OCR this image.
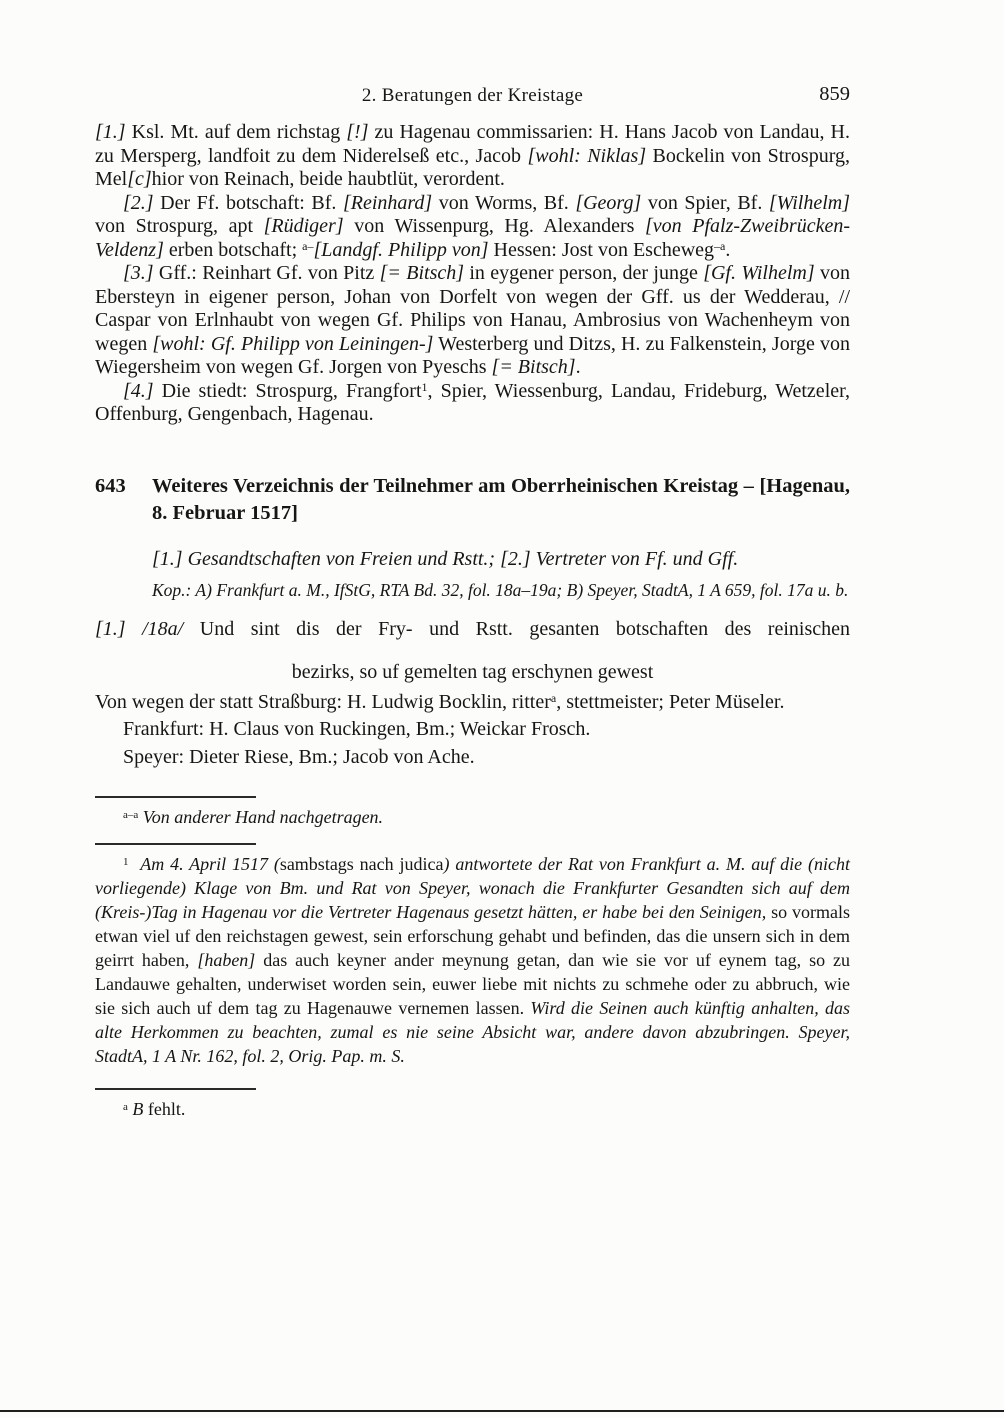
2. Beratungen der Kreistage	859

[1.] Ksl. Mt. auf dem richstag [!] zu Hagenau commissarien: H. Hans Jacob von Landau, H. zu Mersperg, landfoit zu dem Niderelseß etc., Jacob [wohl: Niklas] Bockelin von Strospurg, Mel[c]hior von Reinach, beide haubtlüt, verordent.

[2.] Der Ff. botschaft: Bf. [Reinhard] von Worms, Bf. [Georg] von Spier, Bf. [Wilhelm] von Strospurg, apt [Rüdiger] von Wissenpurg, Hg. Alexanders [von Pfalz-Zweibrücken-Veldenz] erben botschaft; $^{a-}$[Landgf. Philipp von] Hessen: Jost von Escheweg$^{-a}$.

[3.] Gff.: Reinhart Gf. von Pitz [= Bitsch] in eygener person, der junge [Gf. Wilhelm] von Ebersteyn in eigener person, Johan von Dorfelt von wegen der Gff. us der Wedderau, // Caspar von Erlnhaubt von wegen Gf. Philips von Hanau, Ambrosius von Wachenheym von wegen [wohl: Gf. Philipp von Leiningen-] Westerberg und Ditzs, H. zu Falkenstein, Jorge von Wiegersheim von wegen Gf. Jorgen von Pyeschs [= Bitsch].

[4.] Die stiedt: Strospurg, Frangfort$^1$, Spier, Wiessenburg, Landau, Frideburg, Wetzeler, Offenburg, Gengenbach, Hagenau.

643	Weiteres Verzeichnis der Teilnehmer am Oberrheinischen Kreistag – [Hagenau, 8. Februar 1517]

[1.] Gesandtschaften von Freien und Rstt.; [2.] Vertreter von Ff. und Gff.

Kop.: A) Frankfurt a. M., IfStG, RTA Bd. 32, fol. 18a–19a; B) Speyer, StadtA, 1 A 659, fol. 17a u. b.

[1.] /18a/ Und sint dis der Fry- und Rstt. gesanten botschaften des reinischen

bezirks, so uf gemelten tag erschynen gewest

Von wegen der statt Straßburg: H. Ludwig Bocklin, ritter$^a$, stettmeister; Peter Müseler.

Frankfurt: H. Claus von Ruckingen, Bm.; Weickar Frosch.

Speyer: Dieter Riese, Bm.; Jacob von Ache.

$^{a-a}$ Von anderer Hand nachgetragen.

$^1$ Am 4. April 1517 (sambstags nach judica) antwortete der Rat von Frankfurt a. M. auf die (nicht vorliegende) Klage von Bm. und Rat von Speyer, wonach die Frankfurter Gesandten sich auf dem (Kreis-)Tag in Hagenau vor die Vertreter Hagenaus gesetzt hätten, er habe bei den Seinigen, so vormals etwan viel uf den reichstagen gewest, sein erforschung gehabt und befinden, das die unsern sich in dem geirrt haben, [haben] das auch keyner ander meynung getan, dan wie sie vor uf eynem tag, so zu Landauwe gehalten, underwiset worden sein, euwer liebe mit nichts zu schmehe oder zu abbruch, wie sie sich auch uf dem tag zu Hagenauwe vernemen lassen. Wird die Seinen auch künftig anhalten, das alte Herkommen zu beachten, zumal es nie seine Absicht war, andere davon abzubringen. Speyer, StadtA, 1 A Nr. 162, fol. 2, Orig. Pap. m. S.

$^a$ B fehlt.
